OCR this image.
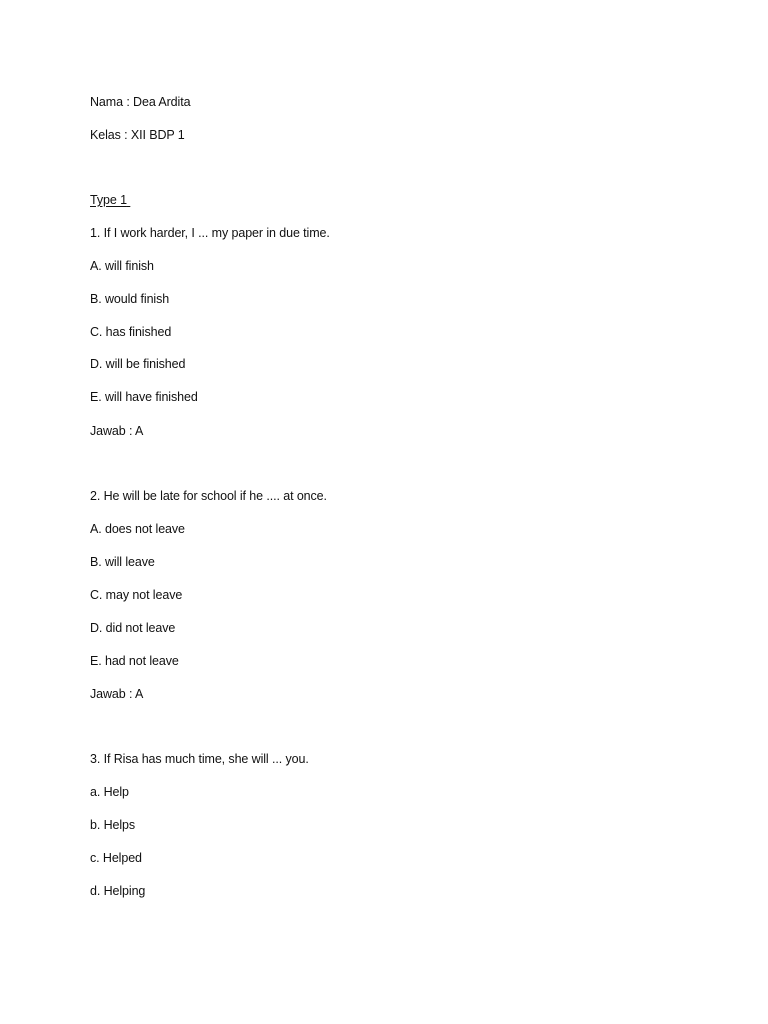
Nama : Dea Ardita
Kelas : XII BDP 1
Type 1
1. If I work harder, I ... my paper in due time.
A. will finish
B. would finish
C. has finished
D. will be finished
E. will have finished
Jawab : A
2. He will be late for school if he .... at once.
A. does not leave
B. will leave
C. may not leave
D. did not leave
E. had not leave
Jawab : A
3. If Risa has much time, she will ... you.
a. Help
b. Helps
c. Helped
d. Helping
